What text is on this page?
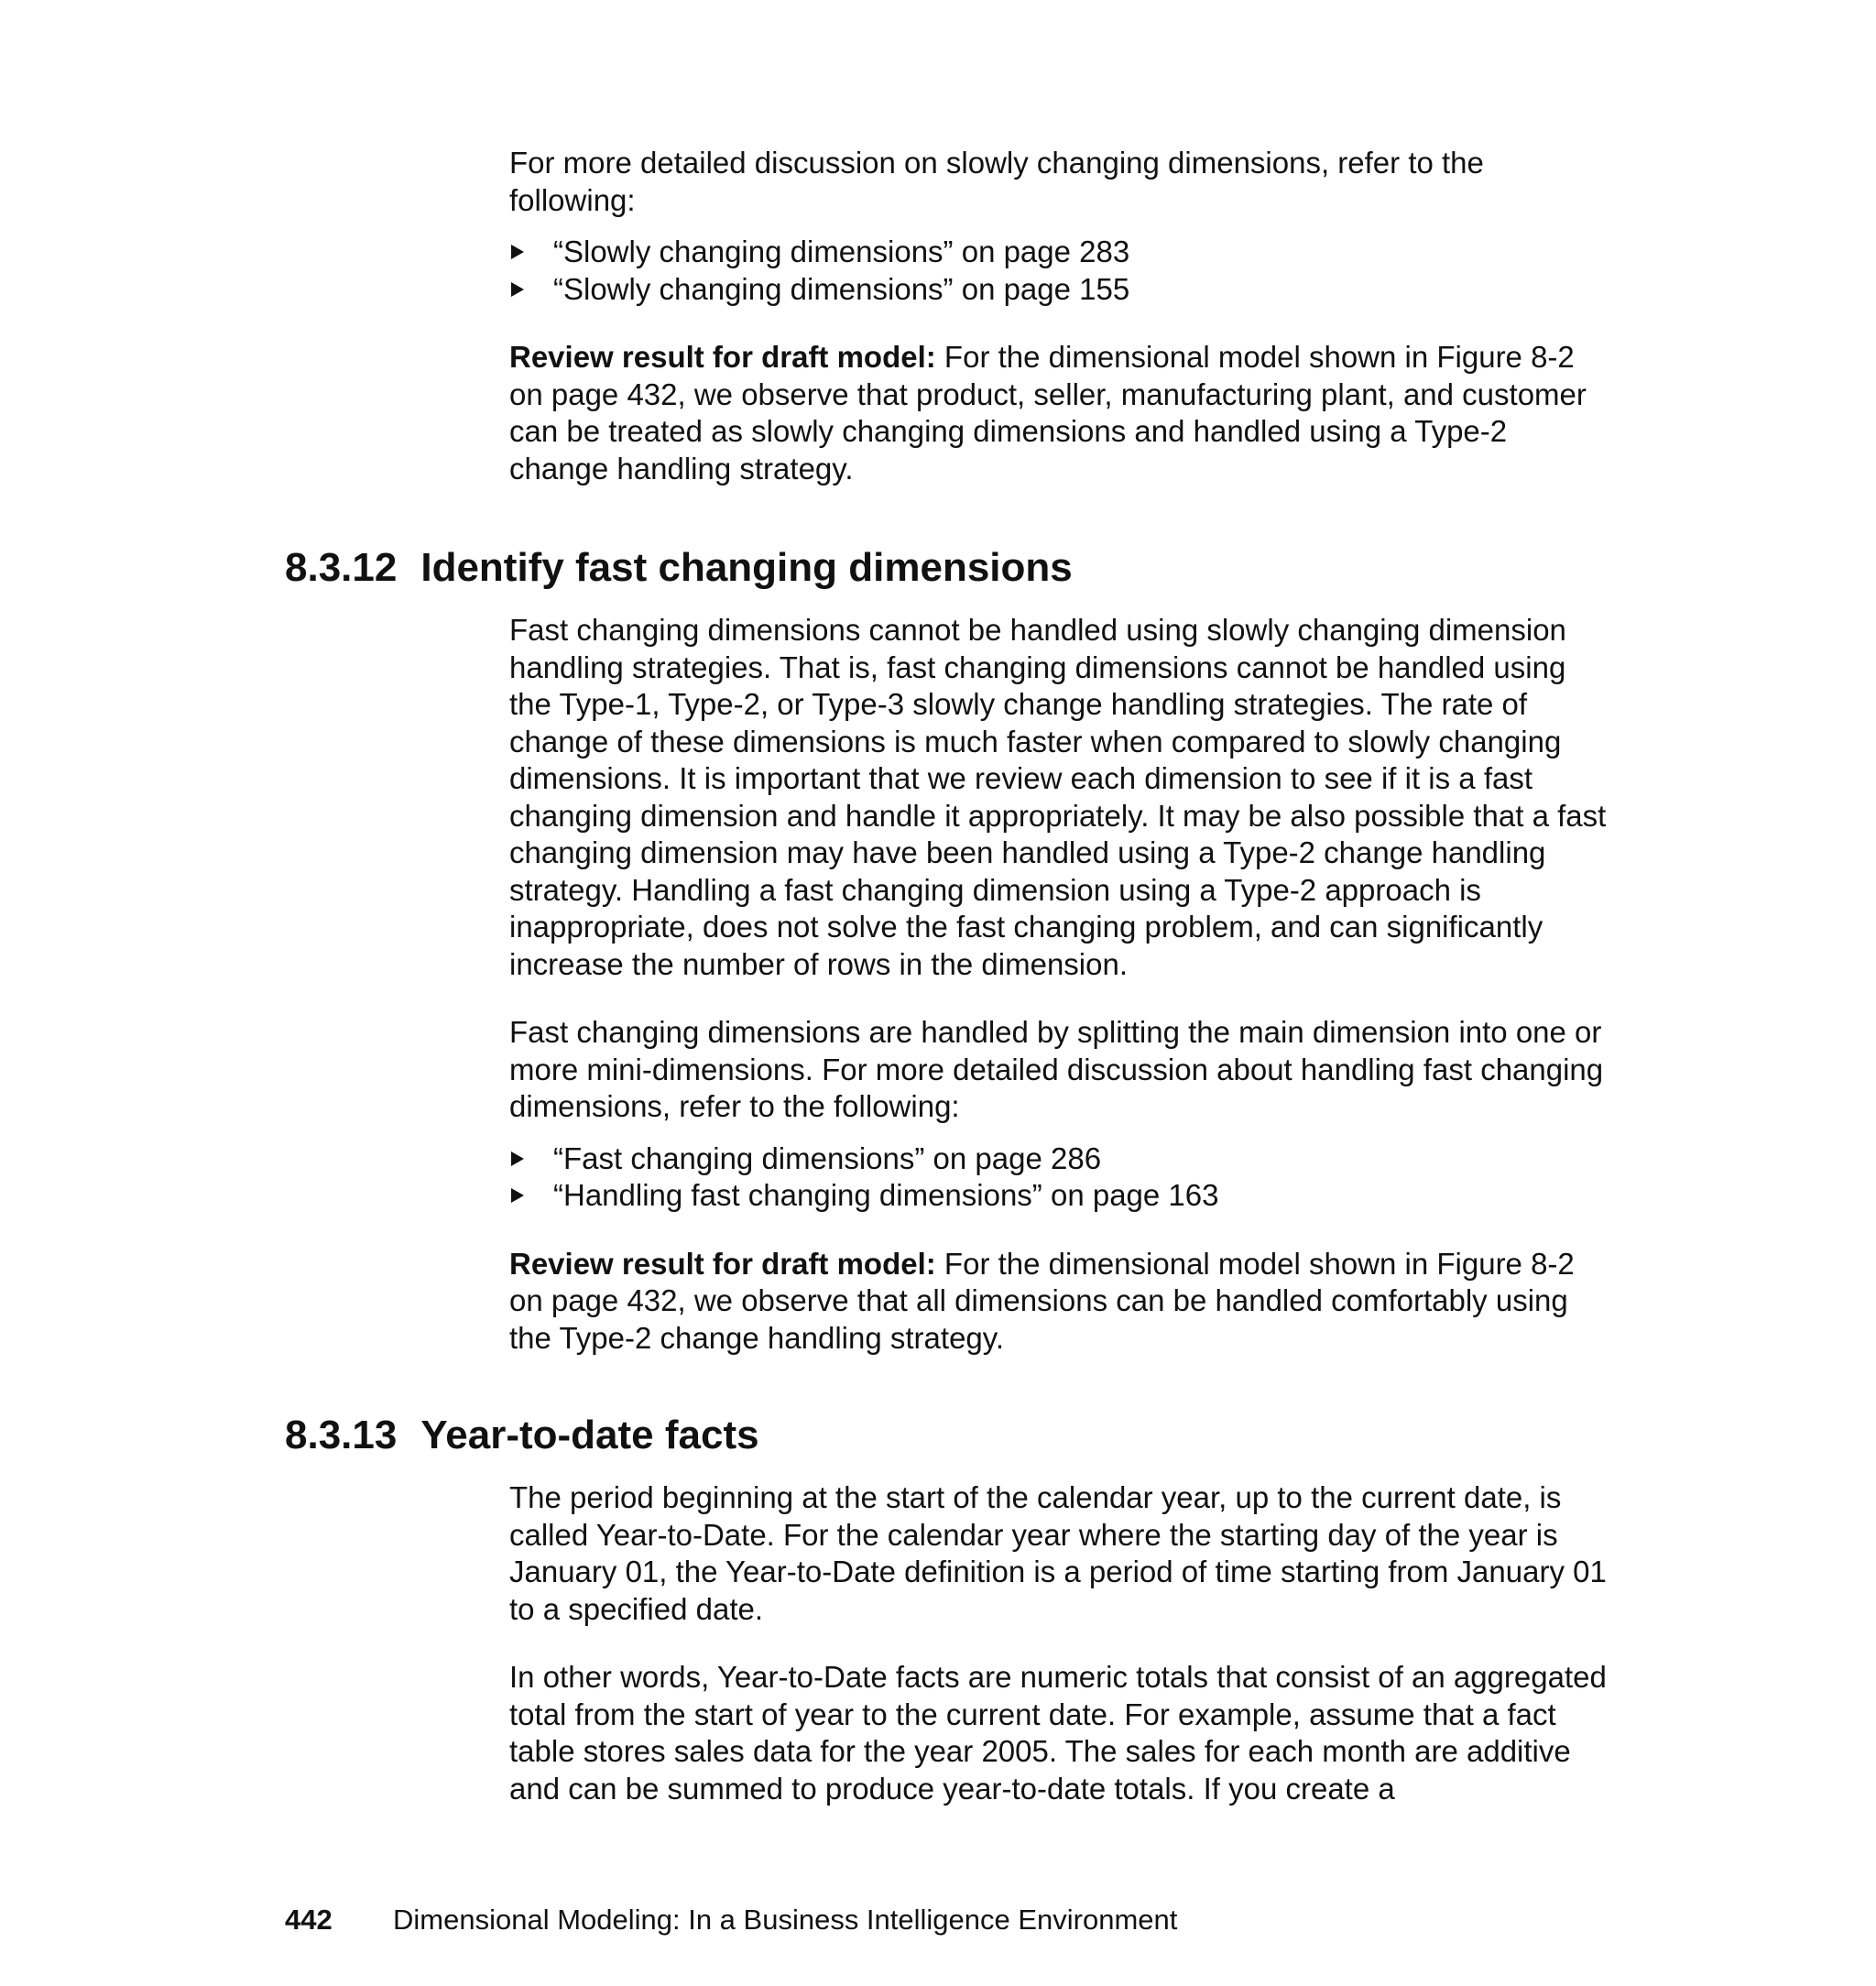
For more detailed discussion on slowly changing dimensions, refer to the following:

“Slowly changing dimensions” on page 283
“Slowly changing dimensions” on page 155

Review result for draft model: For the dimensional model shown in Figure 8-2 on page 432, we observe that product, seller, manufacturing plant, and customer can be treated as slowly changing dimensions and handled using a Type-2 change handling strategy.

8.3.12 Identify fast changing dimensions

Fast changing dimensions cannot be handled using slowly changing dimension handling strategies. That is, fast changing dimensions cannot be handled using the Type-1, Type-2, or Type-3 slowly change handling strategies. The rate of change of these dimensions is much faster when compared to slowly changing dimensions. It is important that we review each dimension to see if it is a fast changing dimension and handle it appropriately. It may be also possible that a fast changing dimension may have been handled using a Type-2 change handling strategy. Handling a fast changing dimension using a Type-2 approach is inappropriate, does not solve the fast changing problem, and can significantly increase the number of rows in the dimension.

Fast changing dimensions are handled by splitting the main dimension into one or more mini-dimensions. For more detailed discussion about handling fast changing dimensions, refer to the following:

“Fast changing dimensions” on page 286
“Handling fast changing dimensions” on page 163

Review result for draft model: For the dimensional model shown in Figure 8-2 on page 432, we observe that all dimensions can be handled comfortably using the Type-2 change handling strategy.

8.3.13 Year-to-date facts

The period beginning at the start of the calendar year, up to the current date, is called Year-to-Date. For the calendar year where the starting day of the year is January 01, the Year-to-Date definition is a period of time starting from January 01 to a specified date.

In other words, Year-to-Date facts are numeric totals that consist of an aggregated total from the start of year to the current date. For example, assume that a fact table stores sales data for the year 2005. The sales for each month are additive and can be summed to produce year-to-date totals. If you create a

442 Dimensional Modeling: In a Business Intelligence Environment
